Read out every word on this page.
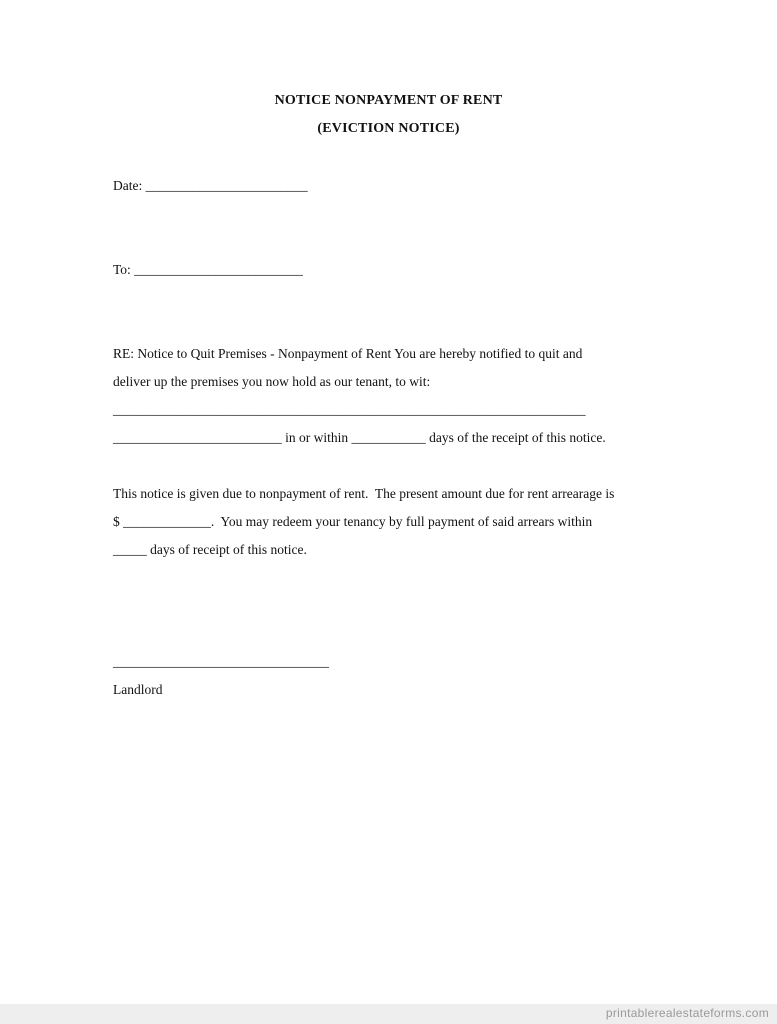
NOTICE NONPAYMENT OF RENT
(EVICTION NOTICE)
Date: ________________________
To: _________________________
RE: Notice to Quit Premises - Nonpayment of Rent You are hereby notified to quit and
deliver up the premises you now hold as our tenant, to wit:
______________________________________________________________________
_________________________ in or within ___________ days of the receipt of this notice.
This notice is given due to nonpayment of rent.  The present amount due for rent arrearage is
$ _____________.  You may redeem your tenancy by full payment of said arrears within
_____ days of receipt of this notice.
________________________________
Landlord
printablerealestateforms.com
